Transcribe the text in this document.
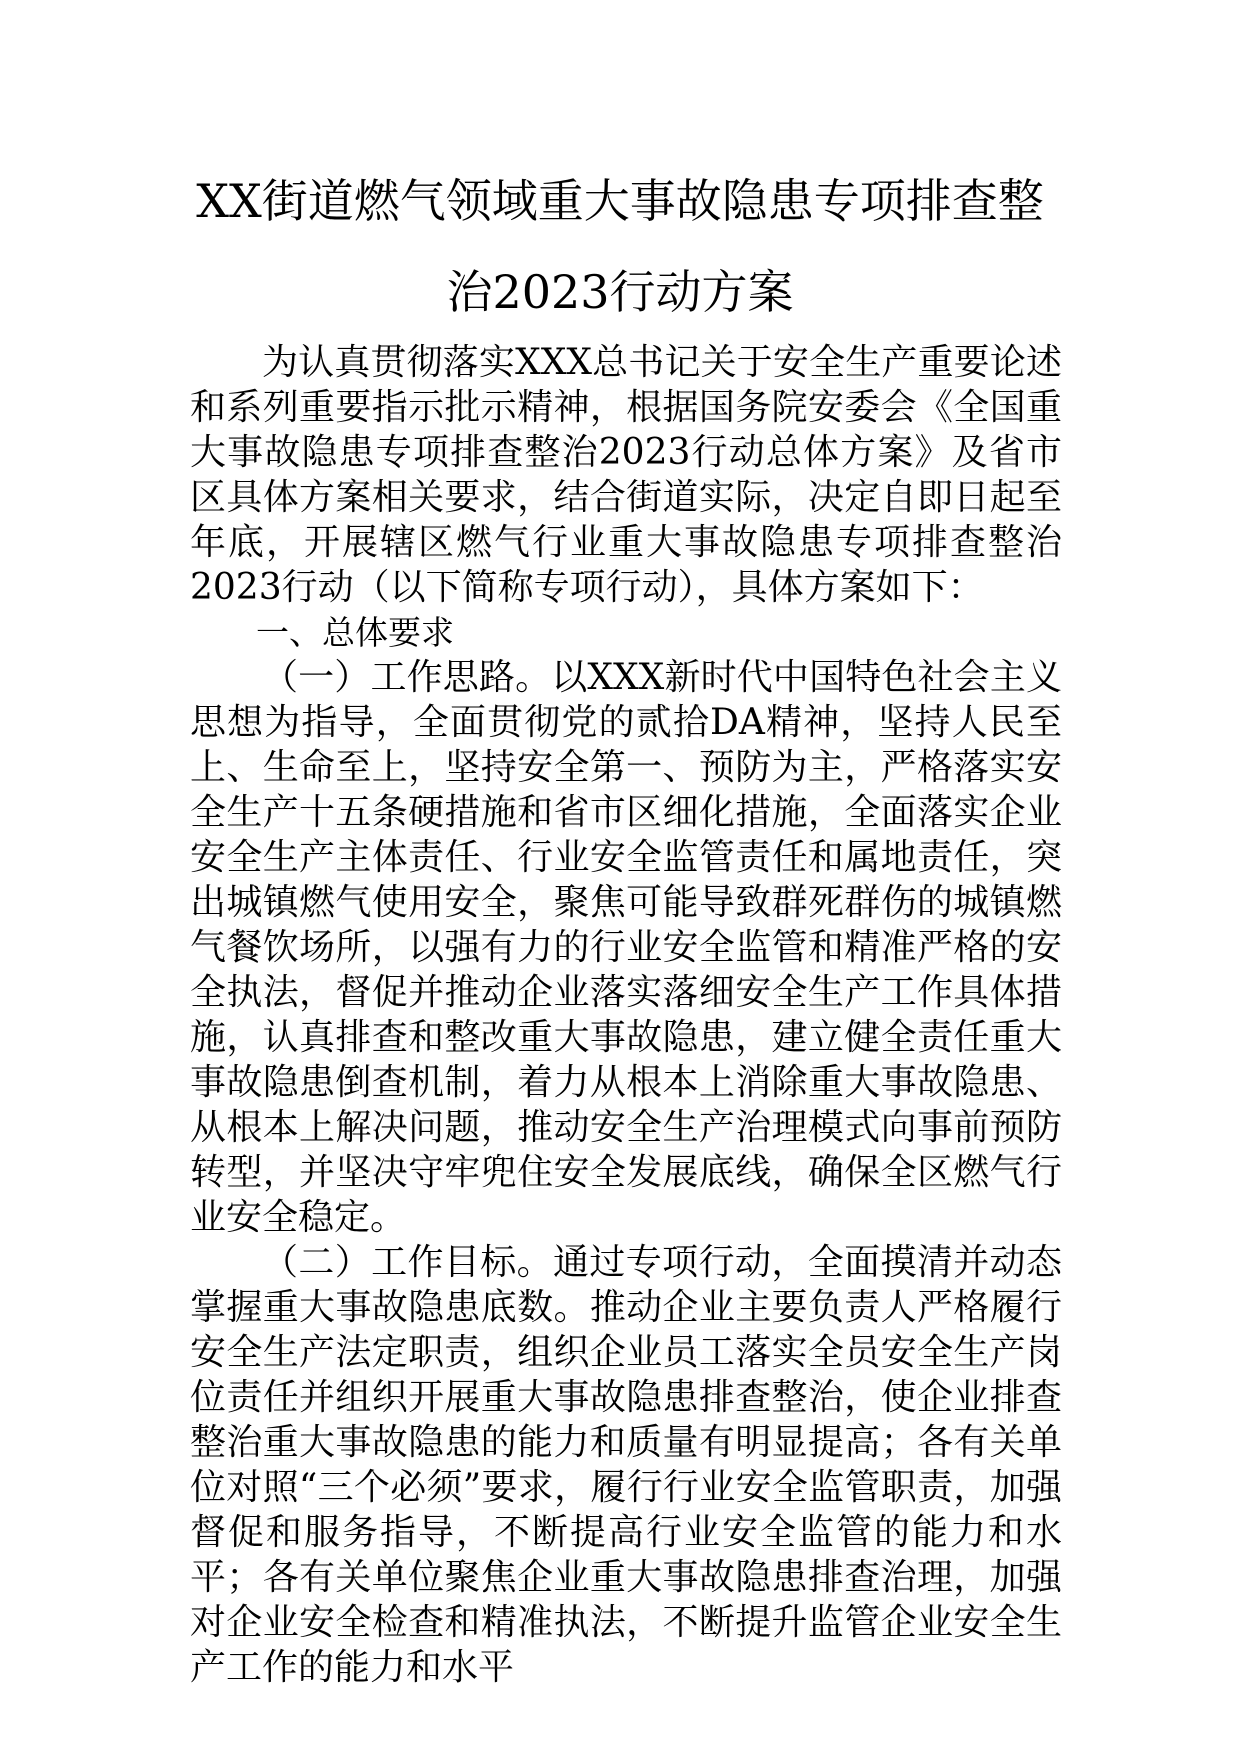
XX街道燃气领域重大事故隐患专项排查整
治2023行动方案

为认真贯彻落实XXX总书记关于安全生产重要论述和系列重要指示批示精神，根据国务院安委会《全国重大事故隐患专项排查整治2023行动总体方案》及省市区具体方案相关要求，结合街道实际，决定自即日起至年底，开展辖区燃气行业重大事故隐患专项排查整治2023行动（以下简称专项行动），具体方案如下：

一、总体要求

（一）工作思路。以XXX新时代中国特色社会主义思想为指导，全面贯彻党的贰拾DA精神，坚持人民至上、生命至上，坚持安全第一、预防为主，严格落实安全生产十五条硬措施和省市区细化措施，全面落实企业安全生产主体责任、行业安全监管责任和属地责任，突出城镇燃气使用安全，聚焦可能导致群死群伤的城镇燃气餐饮场所，以强有力的行业安全监管和精准严格的安全执法，督促并推动企业落实落细安全生产工作具体措施，认真排查和整改重大事故隐患，建立健全责任重大事故隐患倒查机制，着力从根本上消除重大事故隐患、从根本上解决问题，推动安全生产治理模式向事前预防转型，并坚决守牢兜住安全发展底线，确保全区燃气行业安全稳定。

（二）工作目标。通过专项行动，全面摸清并动态掌握重大事故隐患底数。推动企业主要负责人严格履行安全生产法定职责，组织企业员工落实全员安全生产岗位责任并组织开展重大事故隐患排查整治，使企业排查整治重大事故隐患的能力和质量有明显提高；各有关单位对照“三个必须”要求，履行行业安全监管职责，加强督促和服务指导，不断提高行业安全监管的能力和水平；各有关单位聚焦企业重大事故隐患排查治理，加强对企业安全检查和精准执法，不断提升监管企业安全生产工作的能力和水平
